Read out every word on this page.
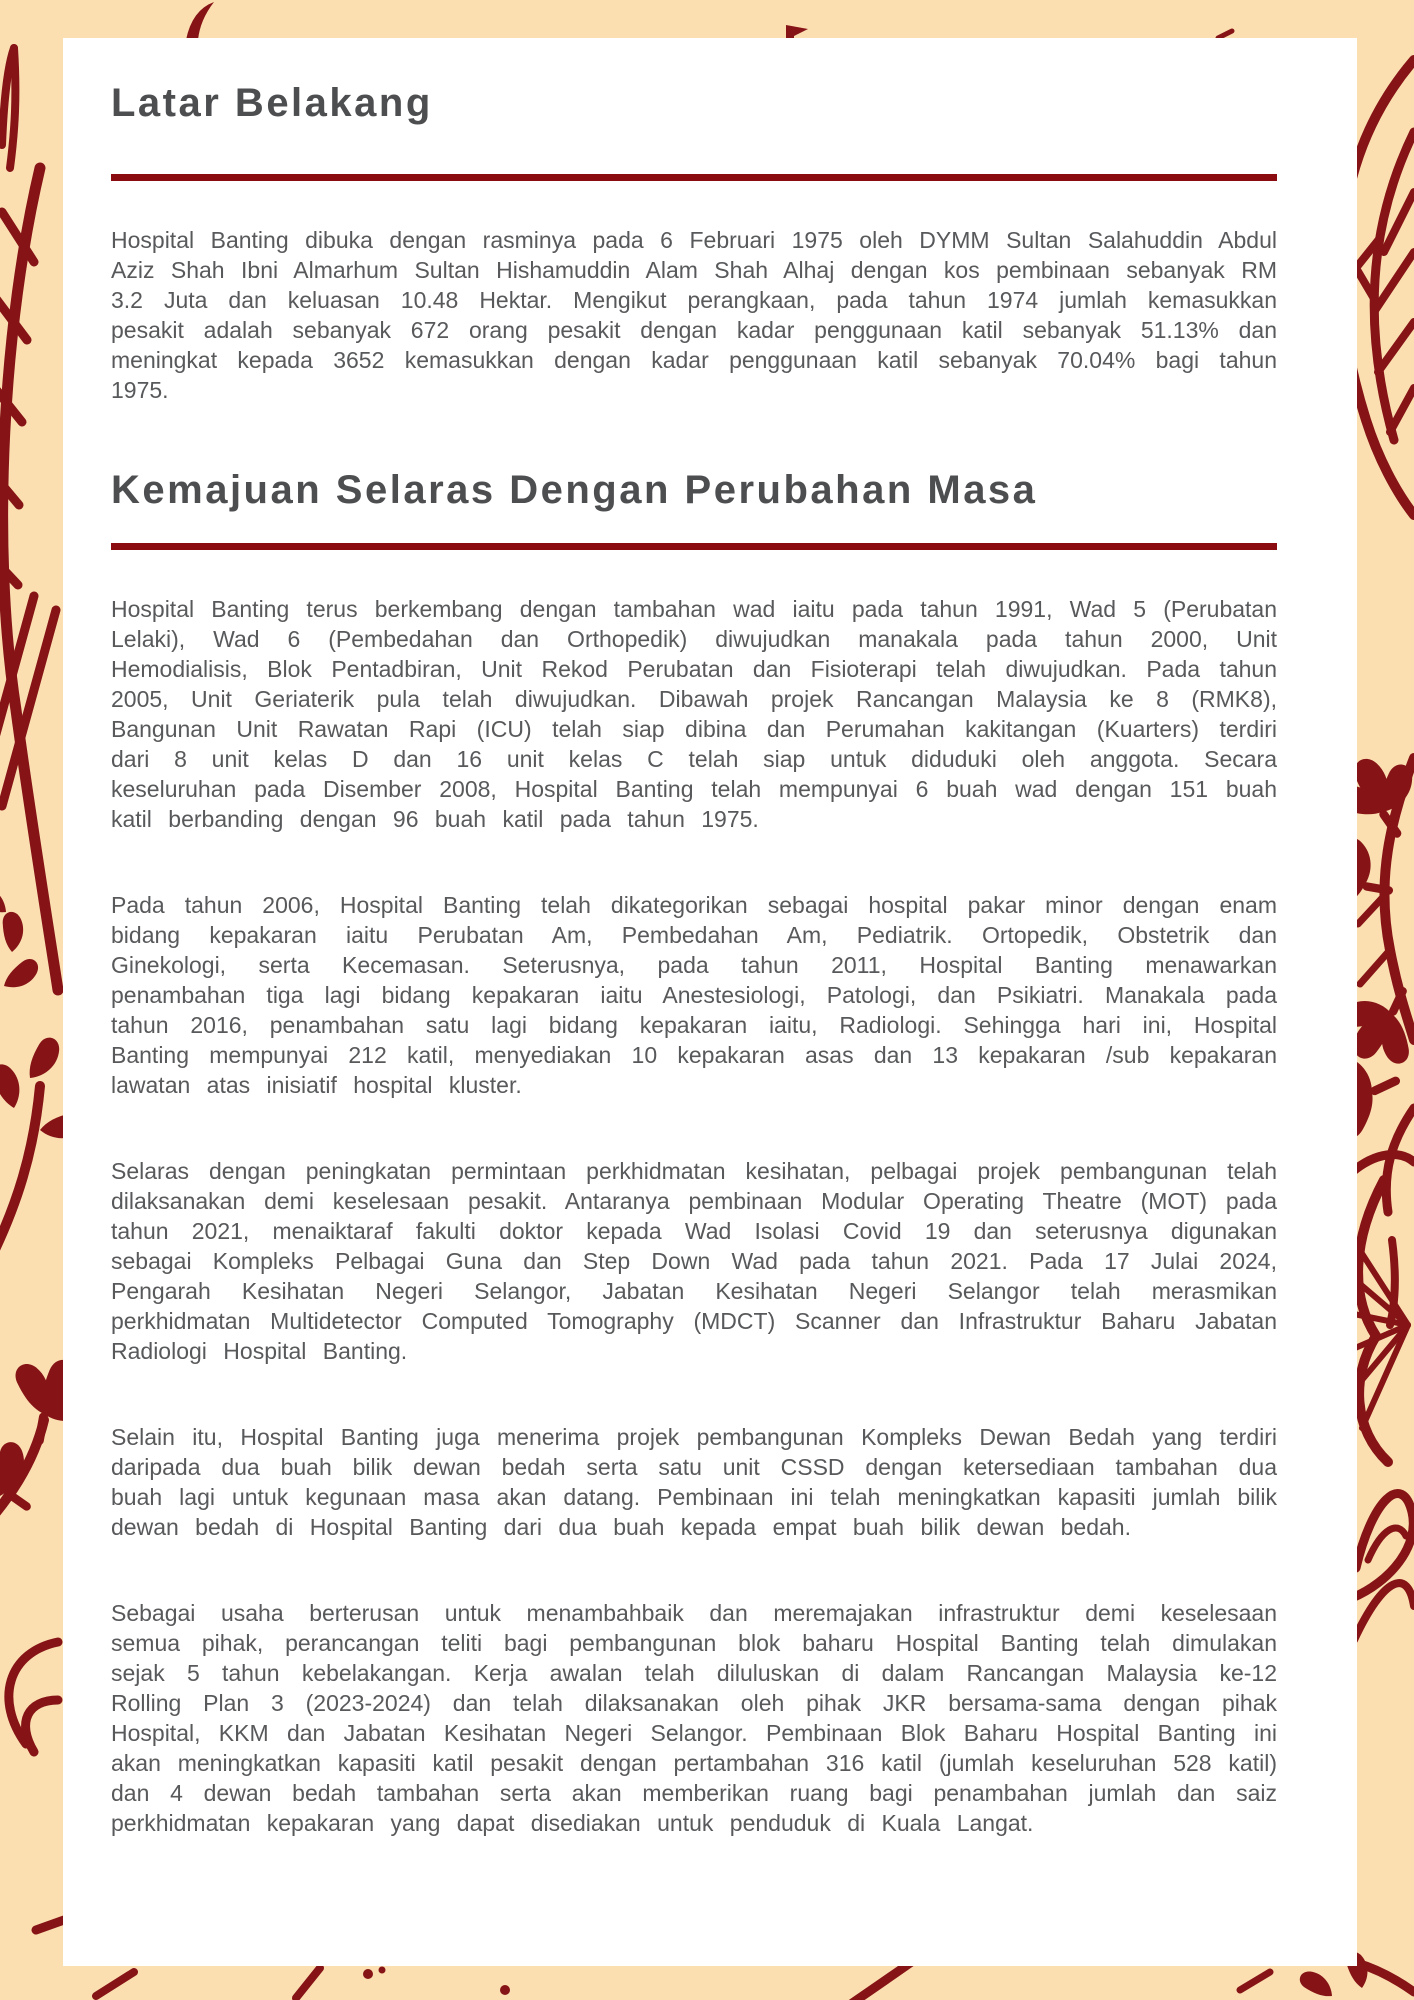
Latar Belakang

Hospital Banting dibuka dengan rasminya pada 6 Februari 1975 oleh DYMM Sultan Salahuddin Abdul Aziz Shah Ibni Almarhum Sultan Hishamuddin Alam Shah Alhaj dengan kos pembinaan sebanyak RM 3.2 Juta dan keluasan 10.48 Hektar. Mengikut perangkaan, pada tahun 1974 jumlah kemasukkan pesakit adalah sebanyak 672 orang pesakit dengan kadar penggunaan katil sebanyak 51.13% dan meningkat kepada 3652 kemasukkan dengan kadar penggunaan katil sebanyak 70.04% bagi tahun 1975.

Kemajuan Selaras Dengan Perubahan Masa

Hospital Banting terus berkembang dengan tambahan wad iaitu pada tahun 1991, Wad 5 (Perubatan Lelaki), Wad 6 (Pembedahan dan Orthopedik) diwujudkan manakala pada tahun 2000, Unit Hemodialisis, Blok Pentadbiran, Unit Rekod Perubatan dan Fisioterapi telah diwujudkan. Pada tahun 2005, Unit Geriaterik pula telah diwujudkan. Dibawah projek Rancangan Malaysia ke 8 (RMK8), Bangunan Unit Rawatan Rapi (ICU) telah siap dibina dan Perumahan kakitangan (Kuarters) terdiri dari 8 unit kelas D dan 16 unit kelas C telah siap untuk diduduki oleh anggota. Secara keseluruhan pada Disember 2008, Hospital Banting telah mempunyai 6 buah wad dengan 151 buah katil berbanding dengan 96 buah katil pada tahun 1975.

Pada tahun 2006, Hospital Banting telah dikategorikan sebagai hospital pakar minor dengan enam bidang kepakaran iaitu Perubatan Am, Pembedahan Am, Pediatrik. Ortopedik, Obstetrik dan Ginekologi, serta Kecemasan. Seterusnya, pada tahun 2011, Hospital Banting menawarkan penambahan tiga lagi bidang kepakaran iaitu Anestesiologi, Patologi, dan Psikiatri. Manakala pada tahun 2016, penambahan satu lagi bidang kepakaran iaitu, Radiologi. Sehingga hari ini, Hospital Banting mempunyai 212 katil, menyediakan 10 kepakaran asas dan 13 kepakaran /sub kepakaran lawatan atas inisiatif hospital kluster.

Selaras dengan peningkatan permintaan perkhidmatan kesihatan, pelbagai projek pembangunan telah dilaksanakan demi keselesaan pesakit. Antaranya pembinaan Modular Operating Theatre (MOT) pada tahun 2021, menaiktaraf fakulti doktor kepada Wad Isolasi Covid 19 dan seterusnya digunakan sebagai Kompleks Pelbagai Guna dan Step Down Wad pada tahun 2021. Pada 17 Julai 2024, Pengarah Kesihatan Negeri Selangor, Jabatan Kesihatan Negeri Selangor telah merasmikan perkhidmatan Multidetector Computed Tomography (MDCT) Scanner dan Infrastruktur Baharu Jabatan Radiologi Hospital Banting.

Selain itu, Hospital Banting juga menerima projek pembangunan Kompleks Dewan Bedah yang terdiri daripada dua buah bilik dewan bedah serta satu unit CSSD dengan ketersediaan tambahan dua buah lagi untuk kegunaan masa akan datang. Pembinaan ini telah meningkatkan kapasiti jumlah bilik dewan bedah di Hospital Banting dari dua buah kepada empat buah bilik dewan bedah.

Sebagai usaha berterusan untuk menambahbaik dan meremajakan infrastruktur demi keselesaan semua pihak, perancangan teliti bagi pembangunan blok baharu Hospital Banting telah dimulakan sejak 5 tahun kebelakangan. Kerja awalan telah diluluskan di dalam Rancangan Malaysia ke-12 Rolling Plan 3 (2023-2024) dan telah dilaksanakan oleh pihak JKR bersama-sama dengan pihak Hospital, KKM dan Jabatan Kesihatan Negeri Selangor. Pembinaan Blok Baharu Hospital Banting ini akan meningkatkan kapasiti katil pesakit dengan pertambahan 316 katil (jumlah keseluruhan 528 katil) dan 4 dewan bedah tambahan serta akan memberikan ruang bagi penambahan jumlah dan saiz perkhidmatan kepakaran yang dapat disediakan untuk penduduk di Kuala Langat.
